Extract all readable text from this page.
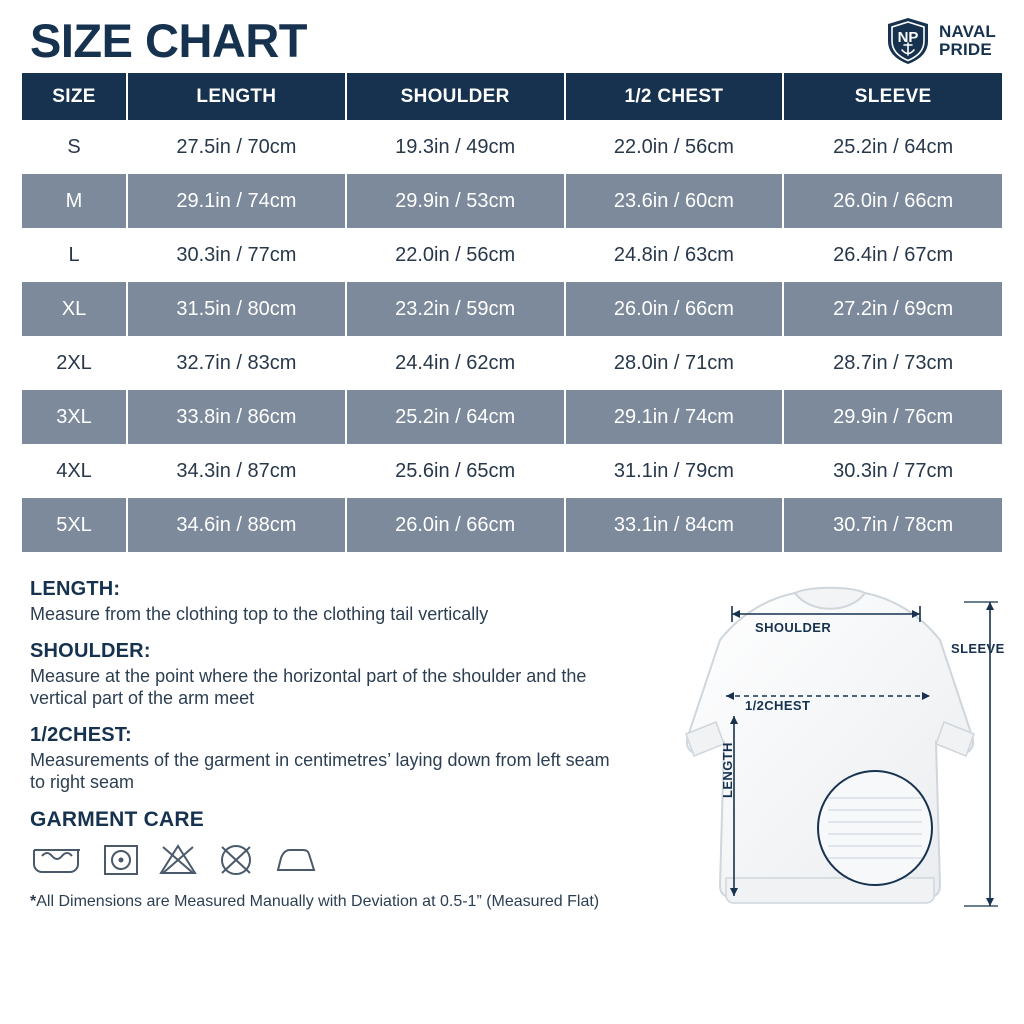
SIZE CHART	NP NAVAL
PRIDE
SIZE	LENGTH	SHOULDER	1/2 CHEST	SLEEVE
S	27.5in / 70cm	19.3in / 49cm	22.0in / 56cm	25.2in / 64cm
M	29.1in / 74cm	29.9in / 53cm	23.6in / 60cm	26.0in / 66cm
L	30.3in / 77cm	22.0in / 56cm	24.8in / 63cm	26.4in / 67cm
XL	31.5in / 80cm	23.2in / 59cm	26.0in / 66cm	27.2in / 69cm
2XL	32.7in / 83cm	24.4in / 62cm	28.0in / 71cm	28.7in / 73cm
3XL	33.8in / 86cm	25.2in / 64cm	29.1in / 74cm	29.9in / 76cm
4XL	34.3in / 87cm	25.6in / 65cm	31.1in / 79cm	30.3in / 77cm
5XL	34.6in / 88cm	26.0in / 66cm	33.1in / 84cm	30.7in / 78cm
LENGTH:
Measure from the clothing top to the clothing tail vertically
SHOULDER:
Measure at the point where the horizontal part of the shoulder and the vertical part of the arm meet
1/2CHEST:
Measurements of the garment in centimetres’ laying down from left seam to right seam
GARMENT CARE
*All Dimensions are Measured Manually with Deviation at 0.5-1” (Measured Flat)
SHOULDER
1/2CHEST
SLEEVE
LENGTH
